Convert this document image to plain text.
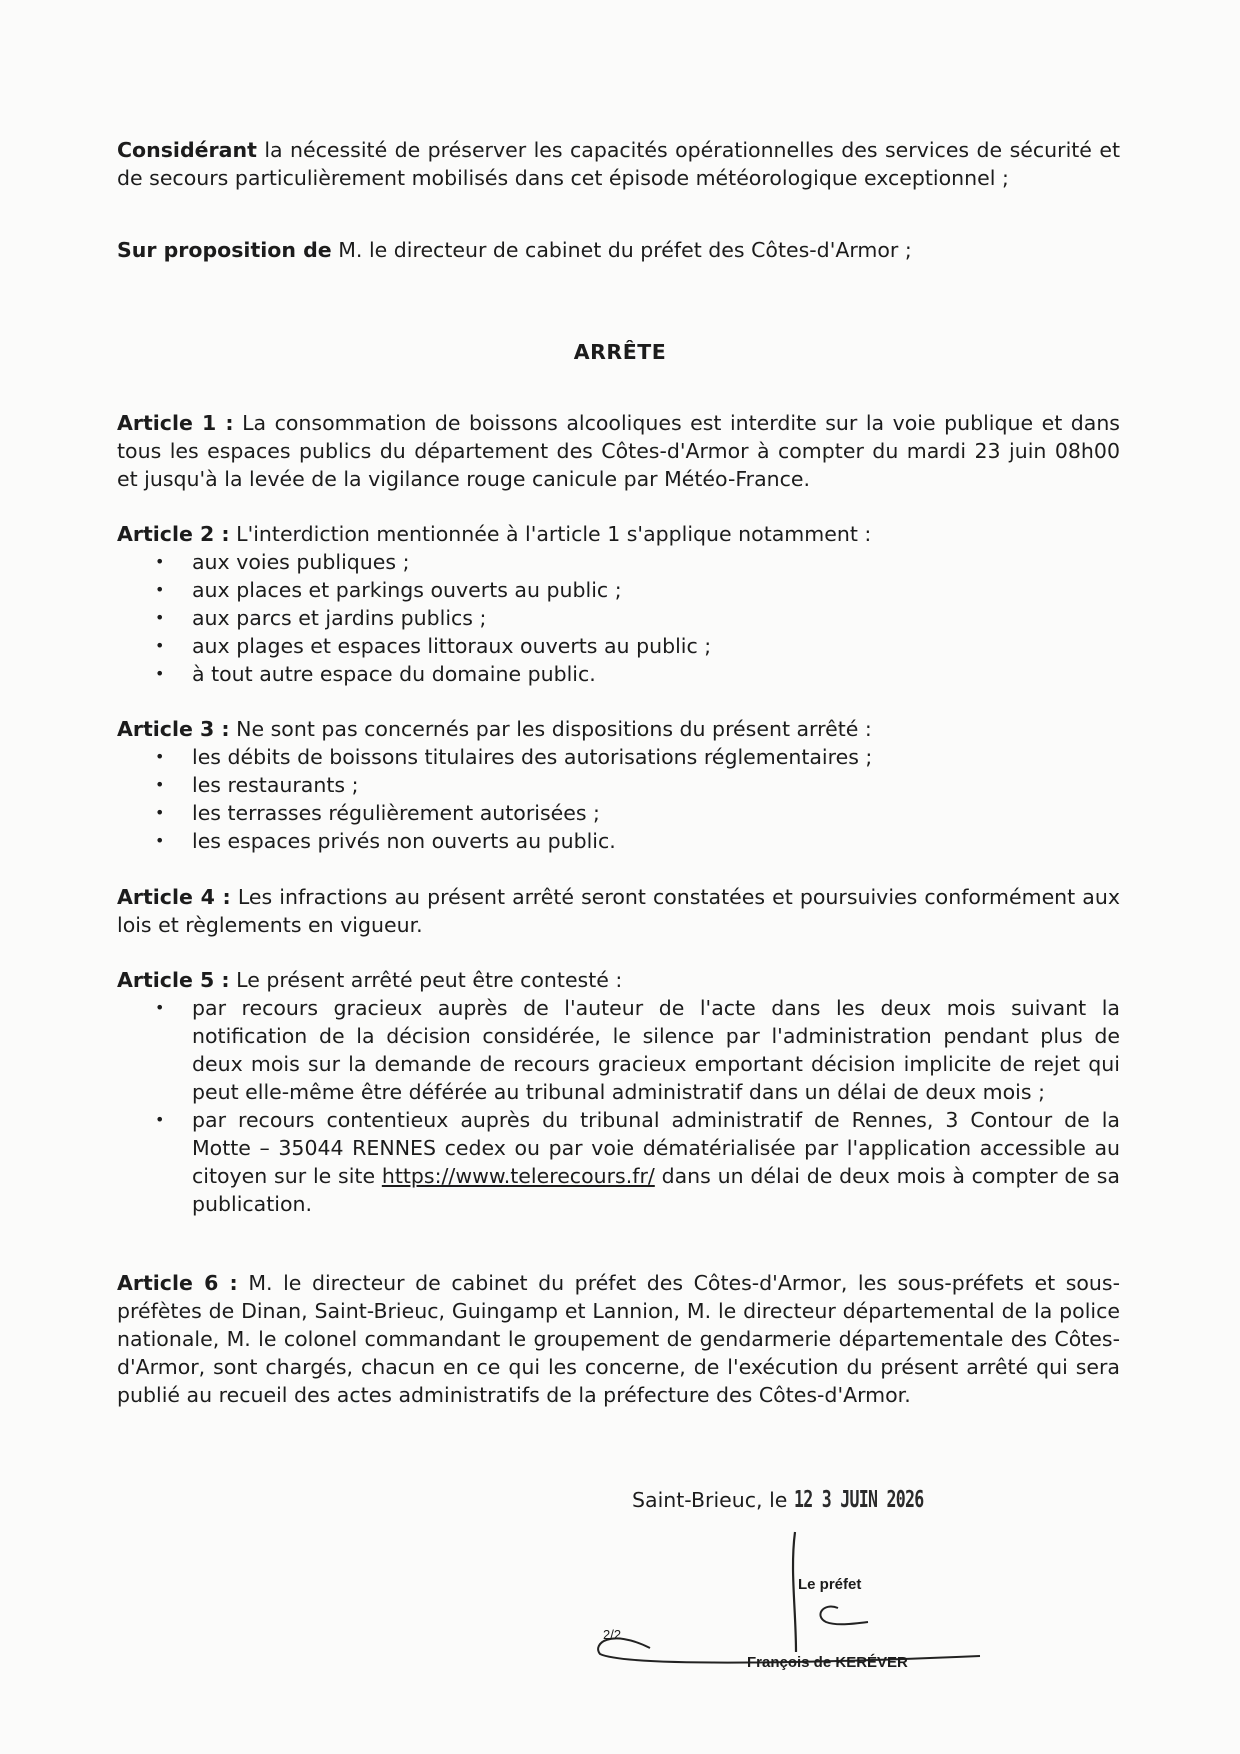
Considérant la nécessité de préserver les capacités opérationnelles des services de sécurité et de secours particulièrement mobilisés dans cet épisode météorologique exceptionnel ;

Sur proposition de M. le directeur de cabinet du préfet des Côtes-d'Armor ;

ARRÊTE

Article 1 : La consommation de boissons alcooliques est interdite sur la voie publique et dans tous les espaces publics du département des Côtes-d'Armor à compter du mardi 23 juin 08h00 et jusqu'à la levée de la vigilance rouge canicule par Météo-France.

Article 2 : L'interdiction mentionnée à l'article 1 s'applique notamment :
• aux voies publiques ;
• aux places et parkings ouverts au public ;
• aux parcs et jardins publics ;
• aux plages et espaces littoraux ouverts au public ;
• à tout autre espace du domaine public.
Article 3 : Ne sont pas concernés par les dispositions du présent arrêté :
• les débits de boissons titulaires des autorisations réglementaires ;
• les restaurants ;
• les terrasses régulièrement autorisées ;
• les espaces privés non ouverts au public.

Article 4 : Les infractions au présent arrêté seront constatées et poursuivies conformément aux lois et règlements en vigueur.

Article 5 : Le présent arrêté peut être contesté :
• par recours gracieux auprès de l'auteur de l'acte dans les deux mois suivant la notification de la décision considérée, le silence par l'administration pendant plus de deux mois sur la demande de recours gracieux emportant décision implicite de rejet qui peut elle-même être déférée au tribunal administratif dans un délai de deux mois ;
• par recours contentieux auprès du tribunal administratif de Rennes, 3 Contour de la Motte – 35044 RENNES cedex ou par voie dématérialisée par l'application accessible au citoyen sur le site https://www.telerecours.fr/ dans un délai de deux mois à compter de sa publication.

Article 6 : M. le directeur de cabinet du préfet des Côtes-d'Armor, les sous-préfets et sous-préfètes de Dinan, Saint-Brieuc, Guingamp et Lannion, M. le directeur départemental de la police nationale, M. le colonel commandant le groupement de gendarmerie départementale des Côtes-d'Armor, sont chargés, chacun en ce qui les concerne, de l'exécution du présent arrêté qui sera publié au recueil des actes administratifs de la préfecture des Côtes-d'Armor.

Saint-Brieuc, le 12 3 JUIN 2026
Le préfet
François de KERÉVER
2/2
